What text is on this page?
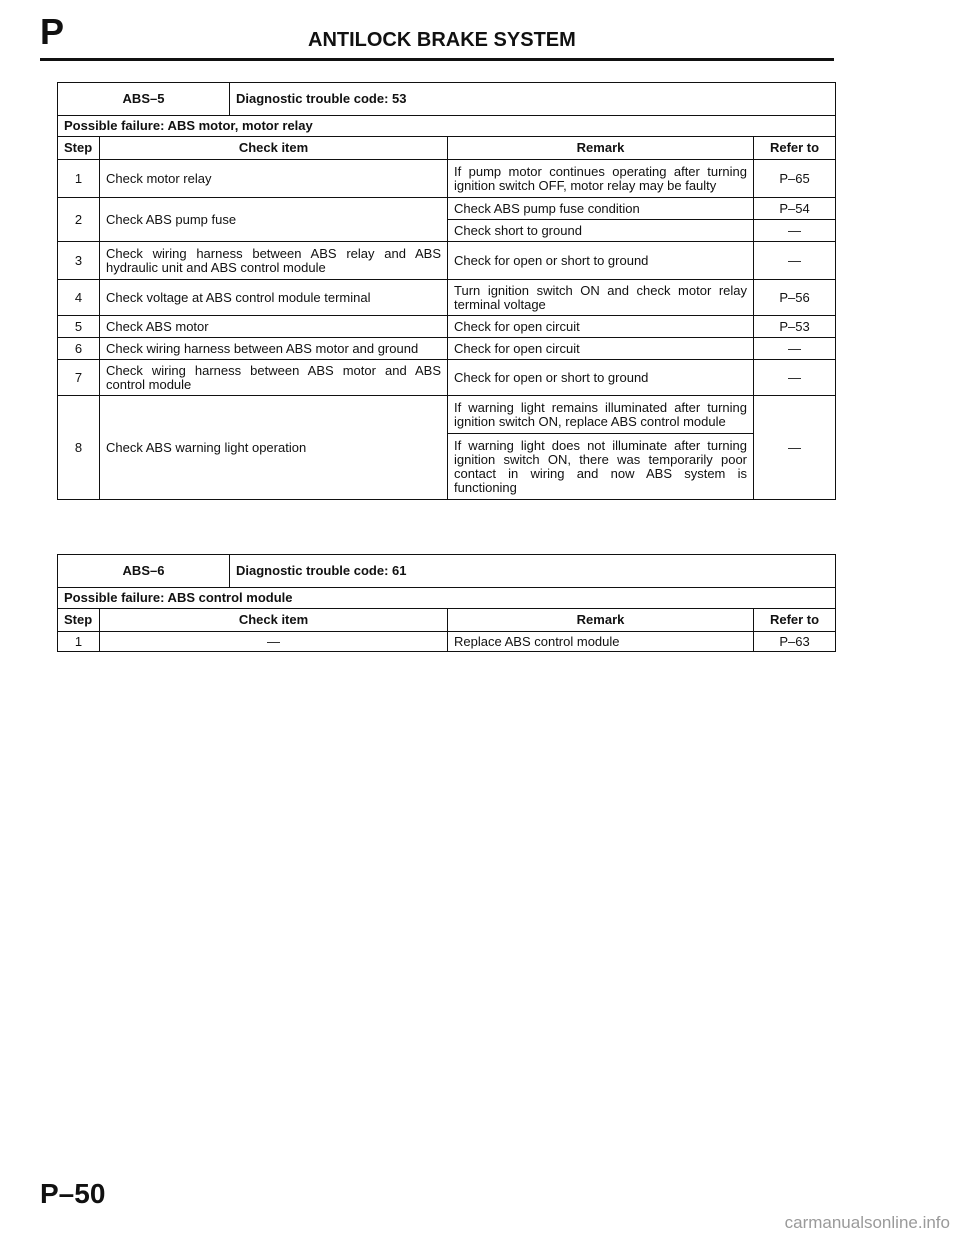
P	ANTILOCK BRAKE SYSTEM
ABS–5		Diagnostic trouble code: 53		
Possible failure: ABS motor, motor relay				
Step	Check item		Remark	Refer to
1	Check motor relay		If pump motor continues operating after turning ignition switch OFF, motor relay may be faulty	P–65
2	Check ABS pump fuse		Check ABS pump fuse condition	P–54
			Check short to ground	—
3	Check wiring harness between ABS relay and ABS hydraulic unit and ABS control module		Check for open or short to ground	—
4	Check voltage at ABS control module terminal		Turn ignition switch ON and check motor relay terminal voltage	P–56
5	Check ABS motor		Check for open circuit	P–53
6	Check wiring harness between ABS motor and ground		Check for open circuit	—
7	Check wiring harness between ABS motor and ABS control module		Check for open or short to ground	—
8	Check ABS warning light operation		If warning light remains illuminated after turning ignition switch ON, replace ABS control module	—
			If warning light does not illuminate after turning ignition switch ON, there was temporarily poor contact in wiring and now ABS system is functioning	
ABS–6		Diagnostic trouble code: 61		
Possible failure: ABS control module				
Step	Check item		Remark	Refer to
1	—		Replace ABS control module	P–63
P–50
carmanualsonline.info
